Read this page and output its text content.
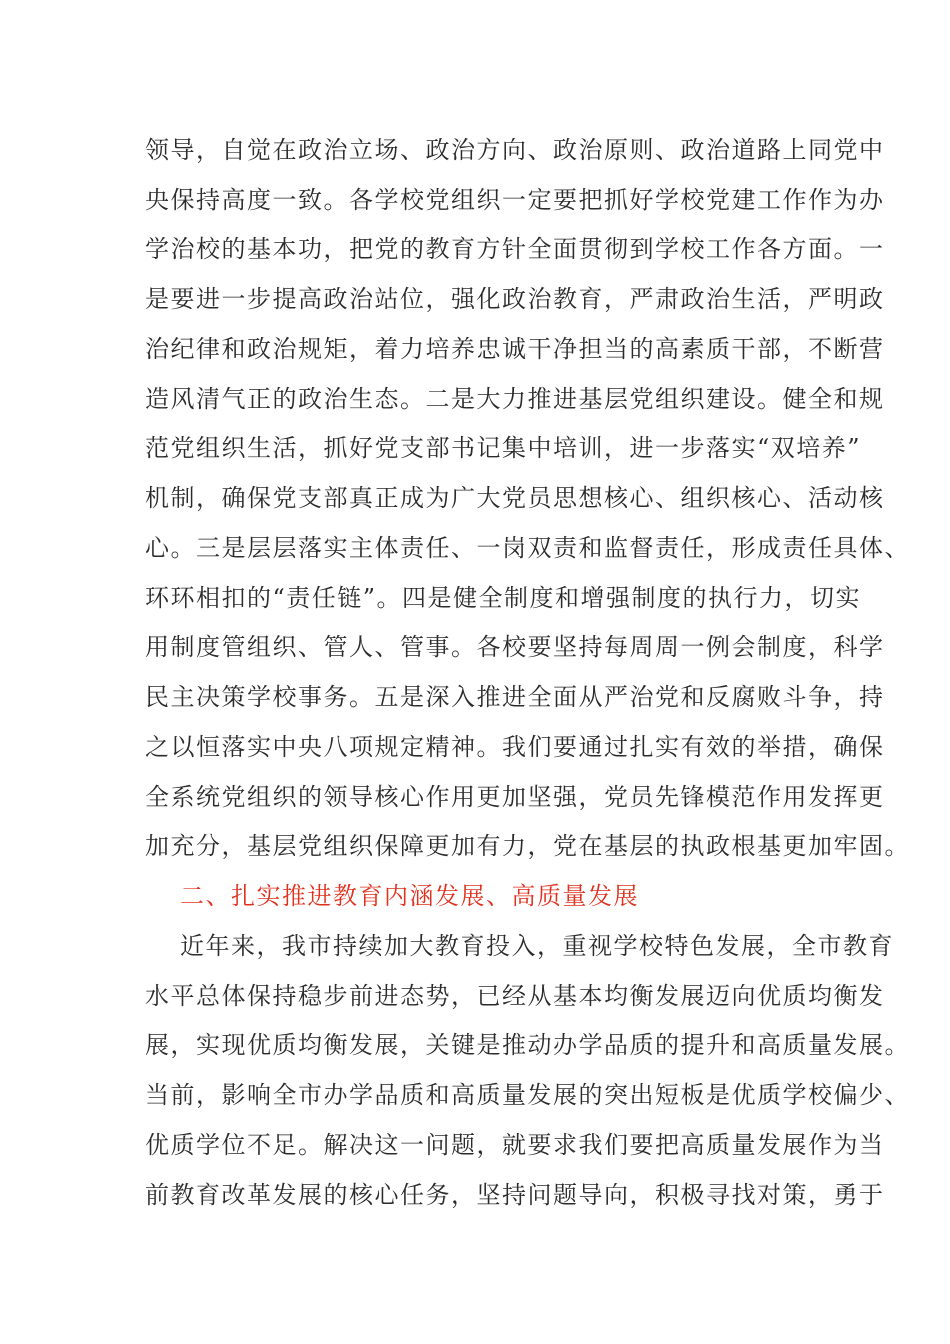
领导，自觉在政治立场、政治方向、政治原则、政治道路上同党中
央保持高度一致。各学校党组织一定要把抓好学校党建工作作为办
学治校的基本功，把党的教育方针全面贯彻到学校工作各方面。一
是要进一步提高政治站位，强化政治教育，严肃政治生活，严明政
治纪律和政治规矩，着力培养忠诚干净担当的高素质干部，不断营
造风清气正的政治生态。二是大力推进基层党组织建设。健全和规
范党组织生活，抓好党支部书记集中培训，进一步落实“双培养”
机制，确保党支部真正成为广大党员思想核心、组织核心、活动核
心。三是层层落实主体责任、一岗双责和监督责任，形成责任具体、
环环相扣的“责任链”。四是健全制度和增强制度的执行力，切实
用制度管组织、管人、管事。各校要坚持每周周一例会制度，科学
民主决策学校事务。五是深入推进全面从严治党和反腐败斗争，持
之以恒落实中央八项规定精神。我们要通过扎实有效的举措，确保
全系统党组织的领导核心作用更加坚强，党员先锋模范作用发挥更
加充分，基层党组织保障更加有力，党在基层的执政根基更加牢固。
二、扎实推进教育内涵发展、高质量发展
近年来，我市持续加大教育投入，重视学校特色发展，全市教育
水平总体保持稳步前进态势，已经从基本均衡发展迈向优质均衡发
展，实现优质均衡发展，关键是推动办学品质的提升和高质量发展。
当前，影响全市办学品质和高质量发展的突出短板是优质学校偏少、
优质学位不足。解决这一问题，就要求我们要把高质量发展作为当
前教育改革发展的核心任务，坚持问题导向，积极寻找对策，勇于
